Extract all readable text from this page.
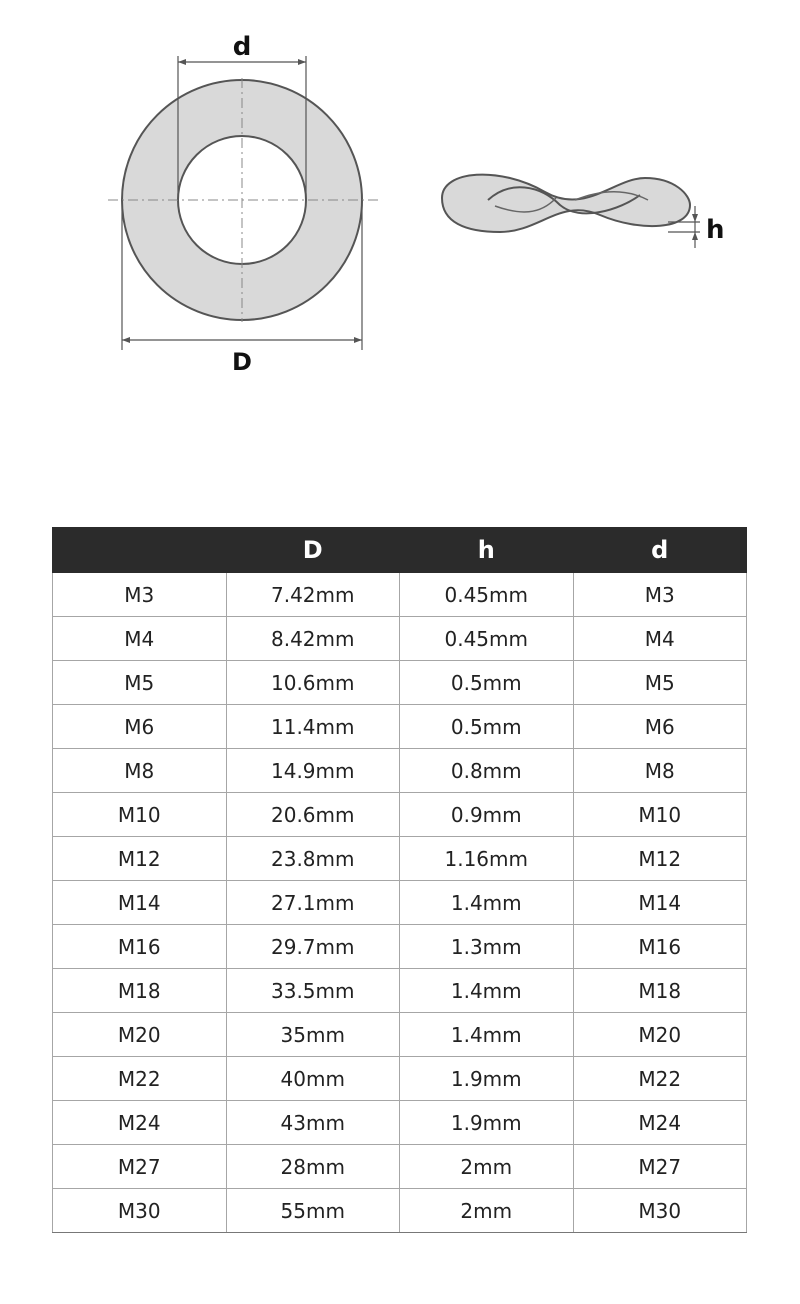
d
D
h
	D	h	d
M3	7.42mm	0.45mm	M3
M4	8.42mm	0.45mm	M4
M5	10.6mm	0.5mm	M5
M6	11.4mm	0.5mm	M6
M8	14.9mm	0.8mm	M8
M10	20.6mm	0.9mm	M10
M12	23.8mm	1.16mm	M12
M14	27.1mm	1.4mm	M14
M16	29.7mm	1.3mm	M16
M18	33.5mm	1.4mm	M18
M20	35mm	1.4mm	M20
M22	40mm	1.9mm	M22
M24	43mm	1.9mm	M24
M27	28mm	2mm	M27
M30	55mm	2mm	M30
